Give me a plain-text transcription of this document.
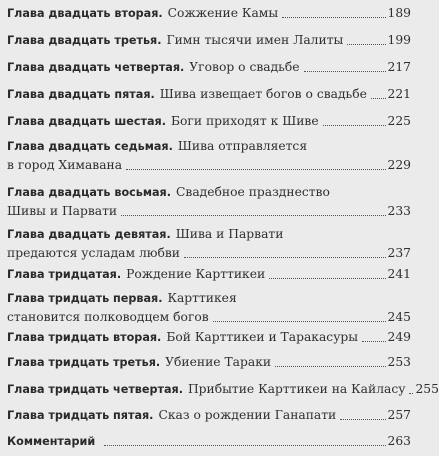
Глава двадцать вторая. Сожжение Камы	189
Глава двадцать третья. Гимн тысячи имен Лалиты	199
Глава двадцать четвертая. Уговор о свадьбе	217
Глава двадцать пятая. Шива извещает богов о свадьбе 221
Глава двадцать шестая. Боги приходят к Шиве	225
Глава двадцать седьмая. Шива отправляется
в город Химавана	229
Глава двадцать восьмая. Свадебное празднество
Шивы и Парвати	233
Глава двадцать девятая. Шива и Парвати
предаются усладам любви	237
Глава тридцатая. Рождение Карттикеи	241
Глава тридцать первая. Карттикея
становится полководцем богов	245
Глава тридцать вторая. Бой Карттикеи и Таракасуры 249
Глава тридцать третья. Убиение Тараки	253
Глава тридцать четвертая. Прибытие Карттикеи на Кайласу 255
Глава тридцать пятая. Сказ о рождении Ганапати	257
Комментарий	263
